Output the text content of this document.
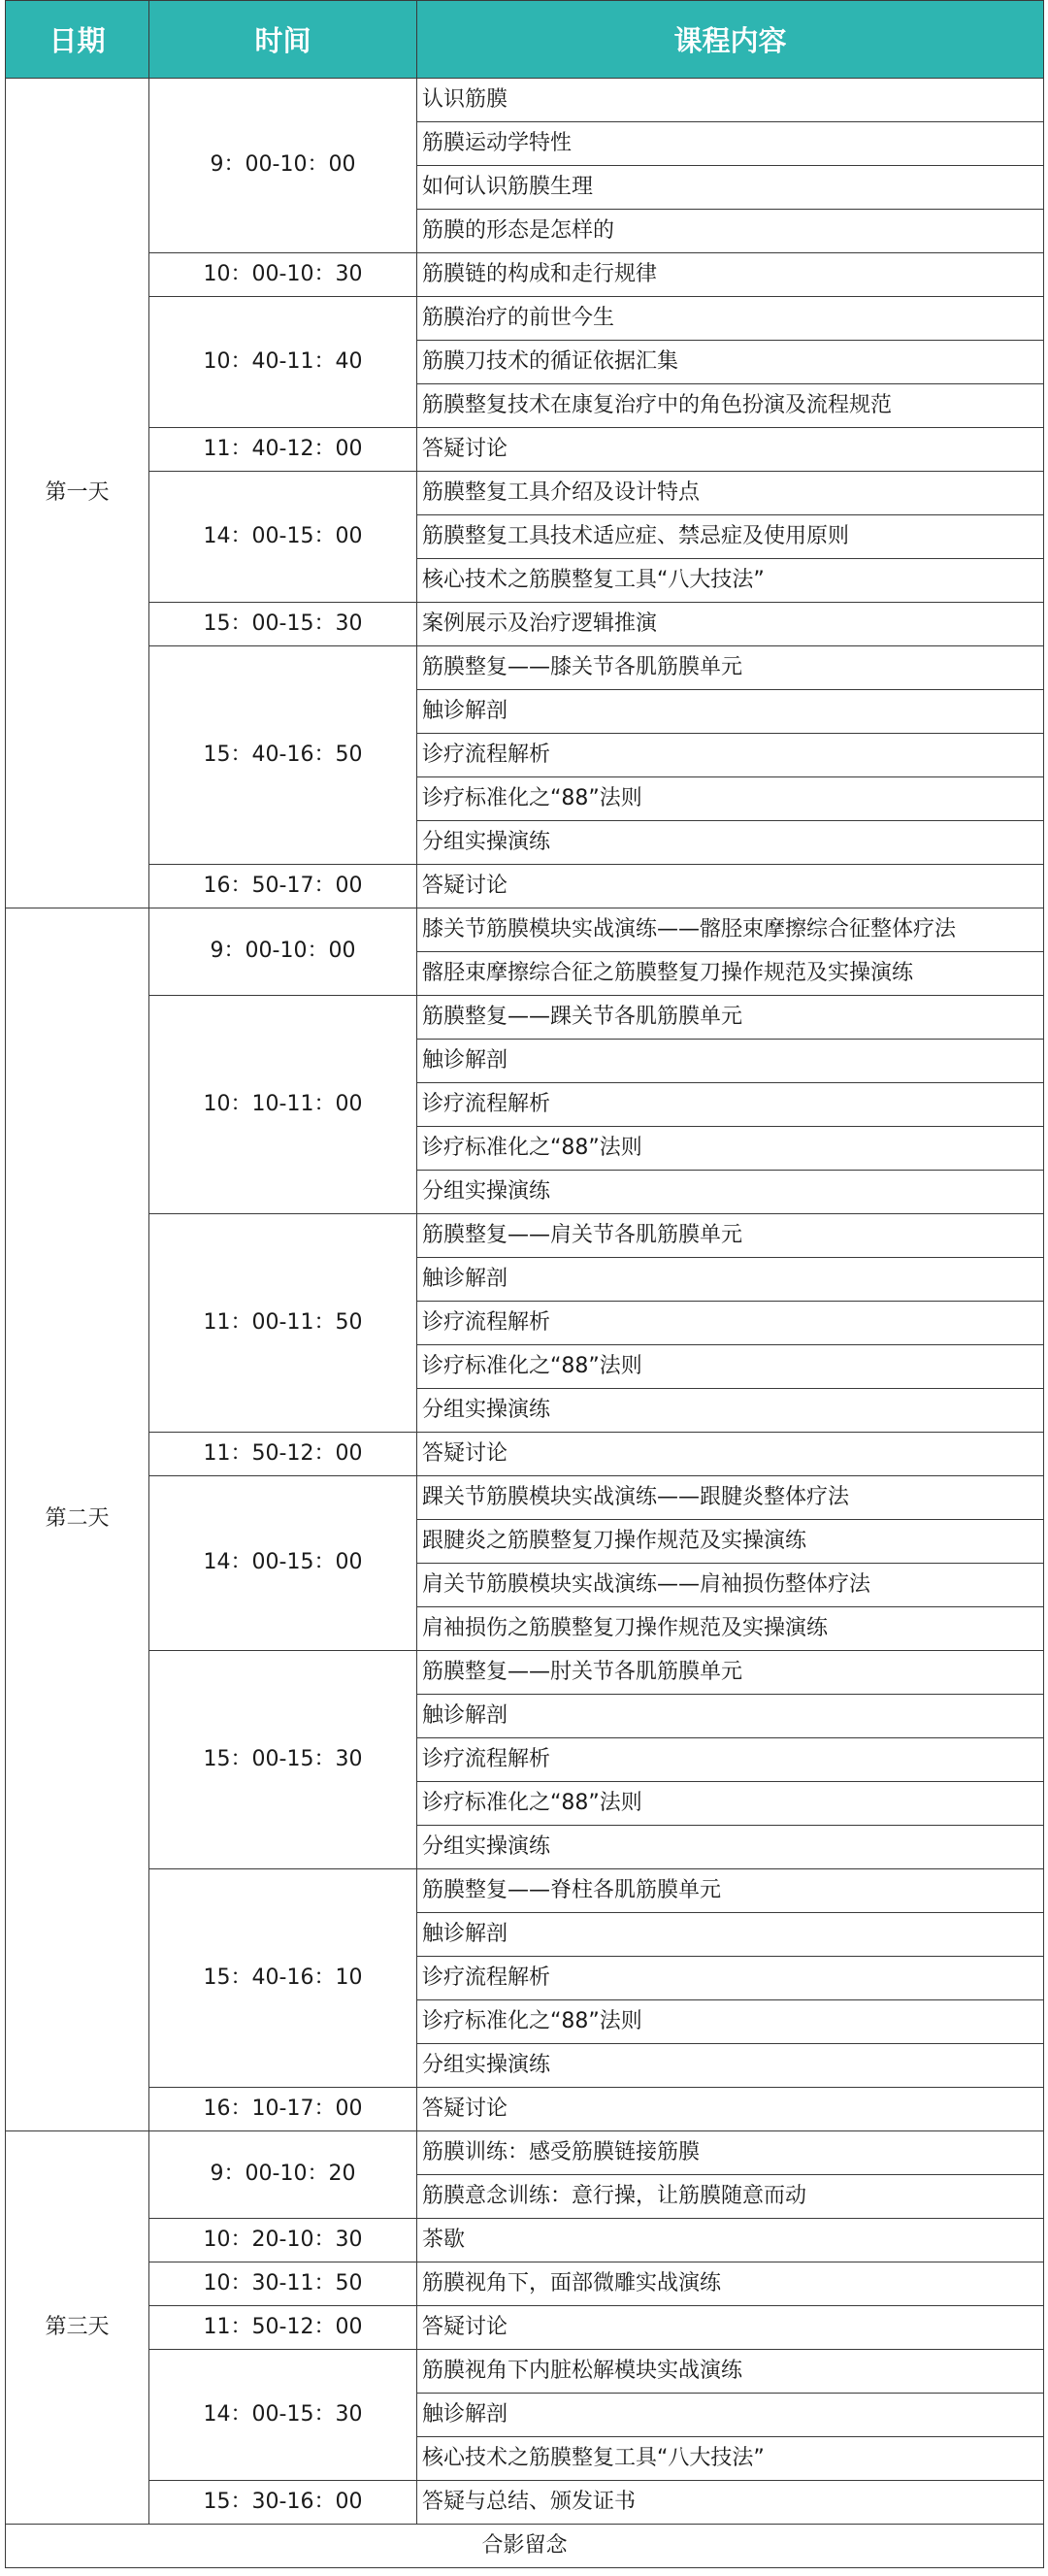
日期	时间	课程内容
第一天	9：00-10：00	认识筋膜
		筋膜运动学特性
		如何认识筋膜生理
		筋膜的形态是怎样的
	10：00-10：30	筋膜链的构成和走行规律
	10：40-11：40	筋膜治疗的前世今生
		筋膜刀技术的循证依据汇集
		筋膜整复技术在康复治疗中的角色扮演及流程规范
	11：40-12：00	答疑讨论
	14：00-15：00	筋膜整复工具介绍及设计特点
		筋膜整复工具技术适应症、禁忌症及使用原则
		核心技术之筋膜整复工具“八大技法”
	15：00-15：30	案例展示及治疗逻辑推演
	15：40-16：50	筋膜整复——膝关节各肌筋膜单元
		触诊解剖
		诊疗流程解析
		诊疗标准化之“88”法则
		分组实操演练
	16：50-17：00	答疑讨论
第二天	9：00-10：00	膝关节筋膜模块实战演练——髂胫束摩擦综合征整体疗法
		髂胫束摩擦综合征之筋膜整复刀操作规范及实操演练
	10：10-11：00	筋膜整复——踝关节各肌筋膜单元
		触诊解剖
		诊疗流程解析
		诊疗标准化之“88”法则
		分组实操演练
	11：00-11：50	筋膜整复——肩关节各肌筋膜单元
		触诊解剖
		诊疗流程解析
		诊疗标准化之“88”法则
		分组实操演练
	11：50-12：00	答疑讨论
	14：00-15：00	踝关节筋膜模块实战演练——跟腱炎整体疗法
		跟腱炎之筋膜整复刀操作规范及实操演练
		肩关节筋膜模块实战演练——肩袖损伤整体疗法
		肩袖损伤之筋膜整复刀操作规范及实操演练
	15：00-15：30	筋膜整复——肘关节各肌筋膜单元
		触诊解剖
		诊疗流程解析
		诊疗标准化之“88”法则
		分组实操演练
	15：40-16：10	筋膜整复——脊柱各肌筋膜单元
		触诊解剖
		诊疗流程解析
		诊疗标准化之“88”法则
		分组实操演练
	16：10-17：00	答疑讨论
第三天	9：00-10：20	筋膜训练：感受筋膜链接筋膜
		筋膜意念训练：意行操，让筋膜随意而动
	10：20-10：30	茶歇
	10：30-11：50	筋膜视角下，面部微雕实战演练
	11：50-12：00	答疑讨论
	14：00-15：30	筋膜视角下内脏松解模块实战演练
		触诊解剖
		核心技术之筋膜整复工具“八大技法”
	15：30-16：00	答疑与总结、颁发证书
合影留念		
